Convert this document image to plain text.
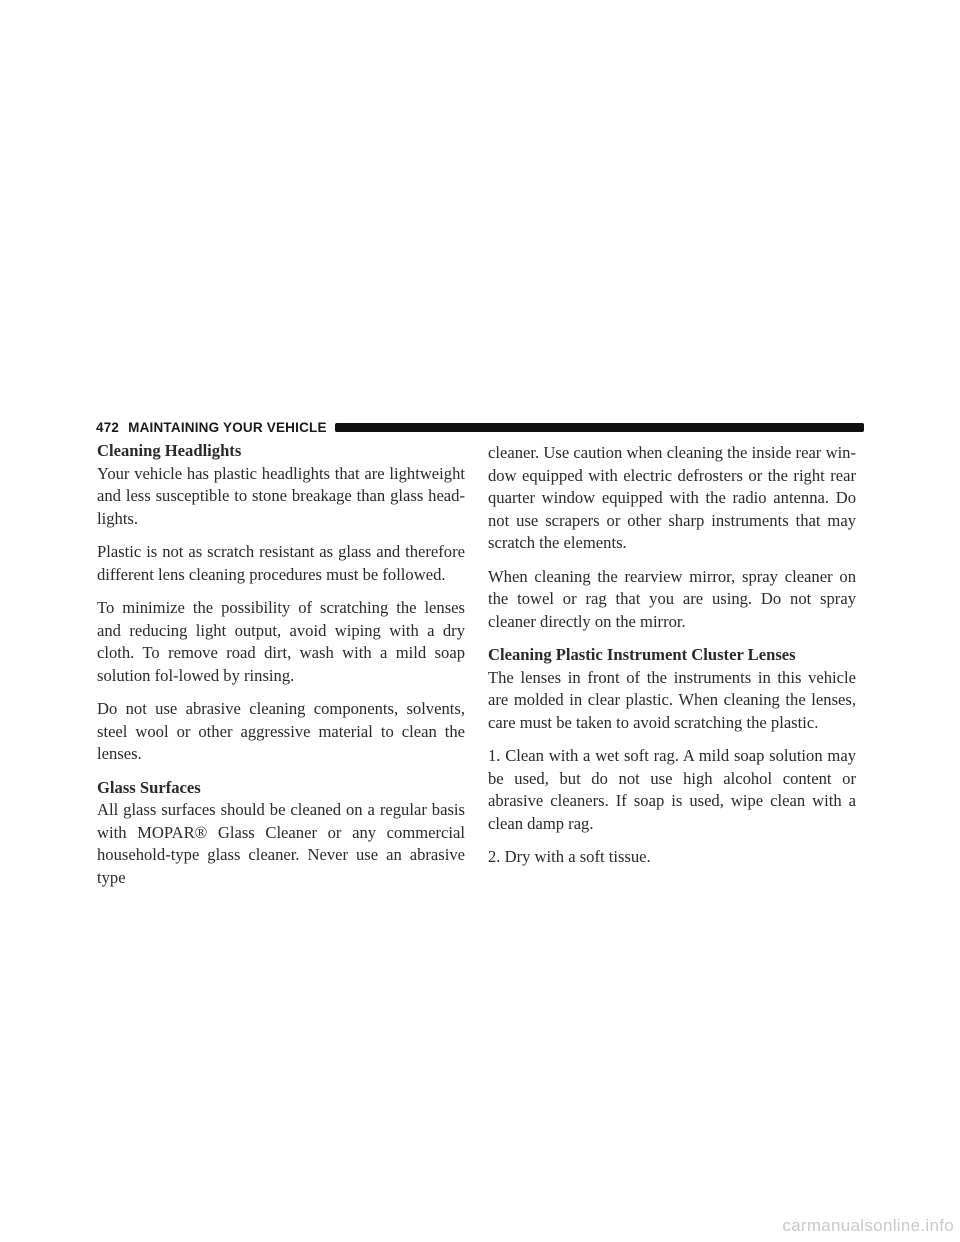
472 MAINTAINING YOUR VEHICLE
Cleaning Headlights

Your vehicle has plastic headlights that are lightweight and less susceptible to stone breakage than glass head-lights.

Plastic is not as scratch resistant as glass and therefore different lens cleaning procedures must be followed.

To minimize the possibility of scratching the lenses and reducing light output, avoid wiping with a dry cloth. To remove road dirt, wash with a mild soap solution fol-lowed by rinsing.

Do not use abrasive cleaning components, solvents, steel wool or other aggressive material to clean the lenses.

Glass Surfaces

All glass surfaces should be cleaned on a regular basis with MOPAR® Glass Cleaner or any commercial household-type glass cleaner. Never use an abrasive type

cleaner. Use caution when cleaning the inside rear win-dow equipped with electric defrosters or the right rear quarter window equipped with the radio antenna. Do not use scrapers or other sharp instruments that may scratch the elements.

When cleaning the rearview mirror, spray cleaner on the towel or rag that you are using. Do not spray cleaner directly on the mirror.

Cleaning Plastic Instrument Cluster Lenses

The lenses in front of the instruments in this vehicle are molded in clear plastic. When cleaning the lenses, care must be taken to avoid scratching the plastic.

1. Clean with a wet soft rag. A mild soap solution may be used, but do not use high alcohol content or abrasive cleaners. If soap is used, wipe clean with a clean damp rag.

2. Dry with a soft tissue.

carmanualsonline.info
